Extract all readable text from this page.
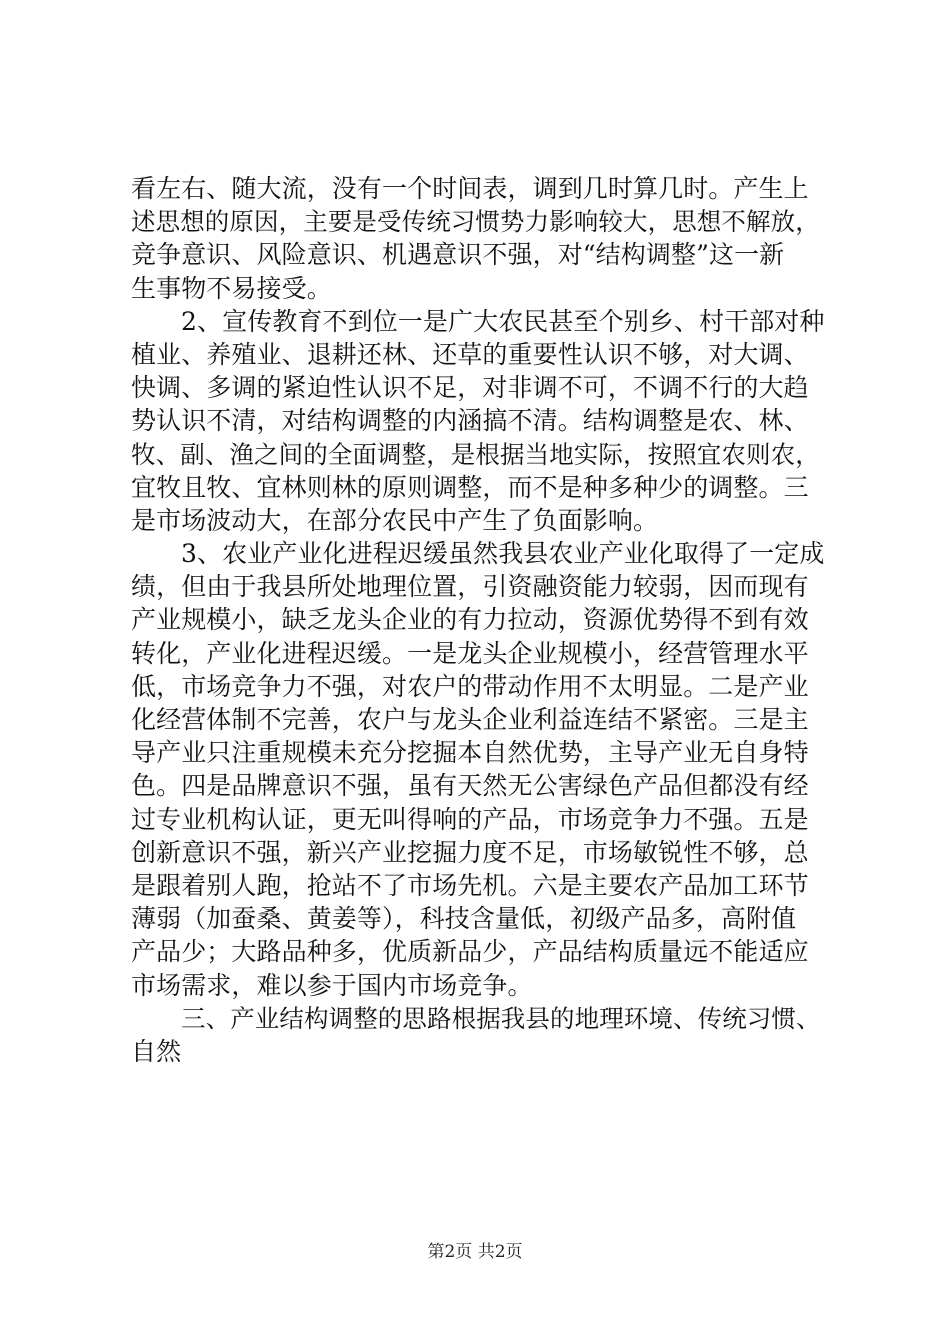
看左右、随大流，没有一个时间表，调到几时算几时。产生上
述思想的原因，主要是受传统习惯势力影响较大，思想不解放，
竞争意识、风险意识、机遇意识不强，对“结构调整”这一新
生事物不易接受。
2、宣传教育不到位一是广大农民甚至个别乡、村干部对种
植业、养殖业、退耕还林、还草的重要性认识不够，对大调、
快调、多调的紧迫性认识不足，对非调不可，不调不行的大趋
势认识不清，对结构调整的内涵搞不清。结构调整是农、林、
牧、副、渔之间的全面调整，是根据当地实际，按照宜农则农，
宜牧且牧、宜林则林的原则调整，而不是种多种少的调整。三
是市场波动大，在部分农民中产生了负面影响。
3、农业产业化进程迟缓虽然我县农业产业化取得了一定成
绩，但由于我县所处地理位置，引资融资能力较弱，因而现有
产业规模小，缺乏龙头企业的有力拉动，资源优势得不到有效
转化，产业化进程迟缓。一是龙头企业规模小，经营管理水平
低，市场竞争力不强，对农户的带动作用不太明显。二是产业
化经营体制不完善，农户与龙头企业利益连结不紧密。三是主
导产业只注重规模未充分挖掘本自然优势，主导产业无自身特
色。四是品牌意识不强，虽有天然无公害绿色产品但都没有经
过专业机构认证，更无叫得响的产品，市场竞争力不强。五是
创新意识不强，新兴产业挖掘力度不足，市场敏锐性不够，总
是跟着别人跑，抢站不了市场先机。六是主要农产品加工环节
薄弱（加蚕桑、黄姜等），科技含量低，初级产品多，高附值
产品少；大路品种多，优质新品少，产品结构质量远不能适应
市场需求，难以参于国内市场竞争。
三、产业结构调整的思路根据我县的地理环境、传统习惯、
自然
第2页 共2页
